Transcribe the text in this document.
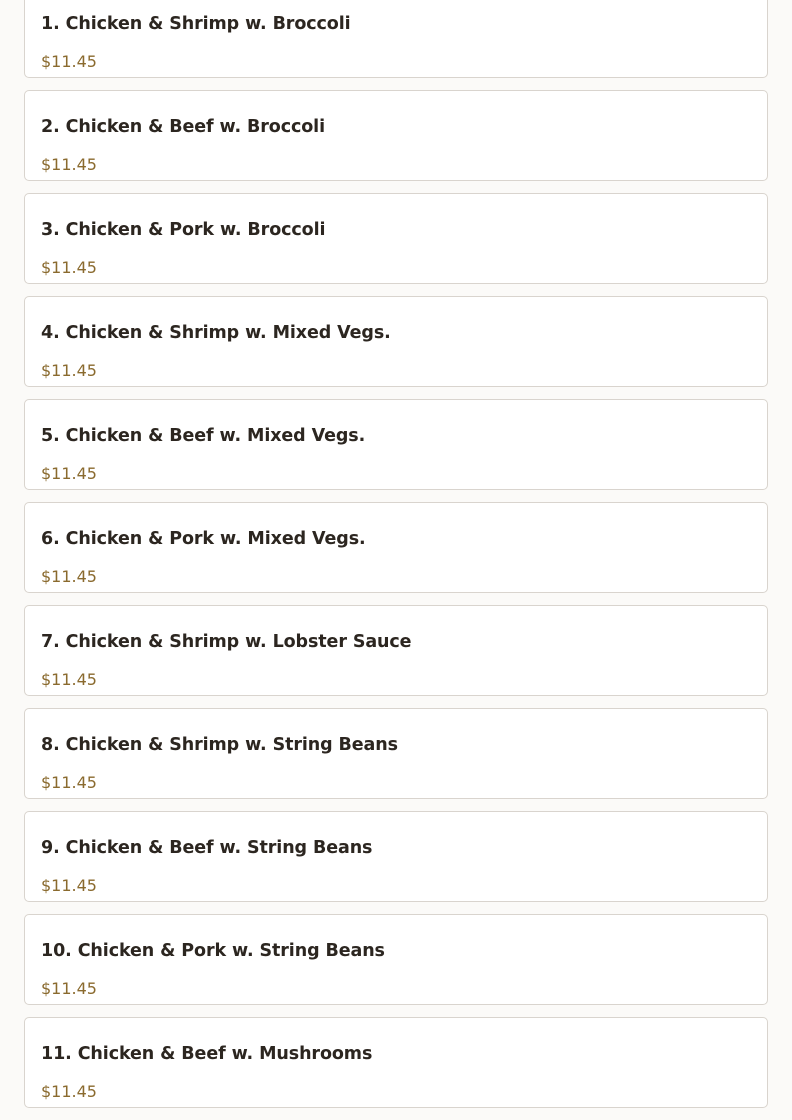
1. Chicken & Shrimp w. Broccoli
$11.45
2. Chicken & Beef w. Broccoli
$11.45
3. Chicken & Pork w. Broccoli
$11.45
4. Chicken & Shrimp w. Mixed Vegs.
$11.45
5. Chicken & Beef w. Mixed Vegs.
$11.45
6. Chicken & Pork w. Mixed Vegs.
$11.45
7. Chicken & Shrimp w. Lobster Sauce
$11.45
8. Chicken & Shrimp w. String Beans
$11.45
9. Chicken & Beef w. String Beans
$11.45
10. Chicken & Pork w. String Beans
$11.45
11. Chicken & Beef w. Mushrooms
$11.45
